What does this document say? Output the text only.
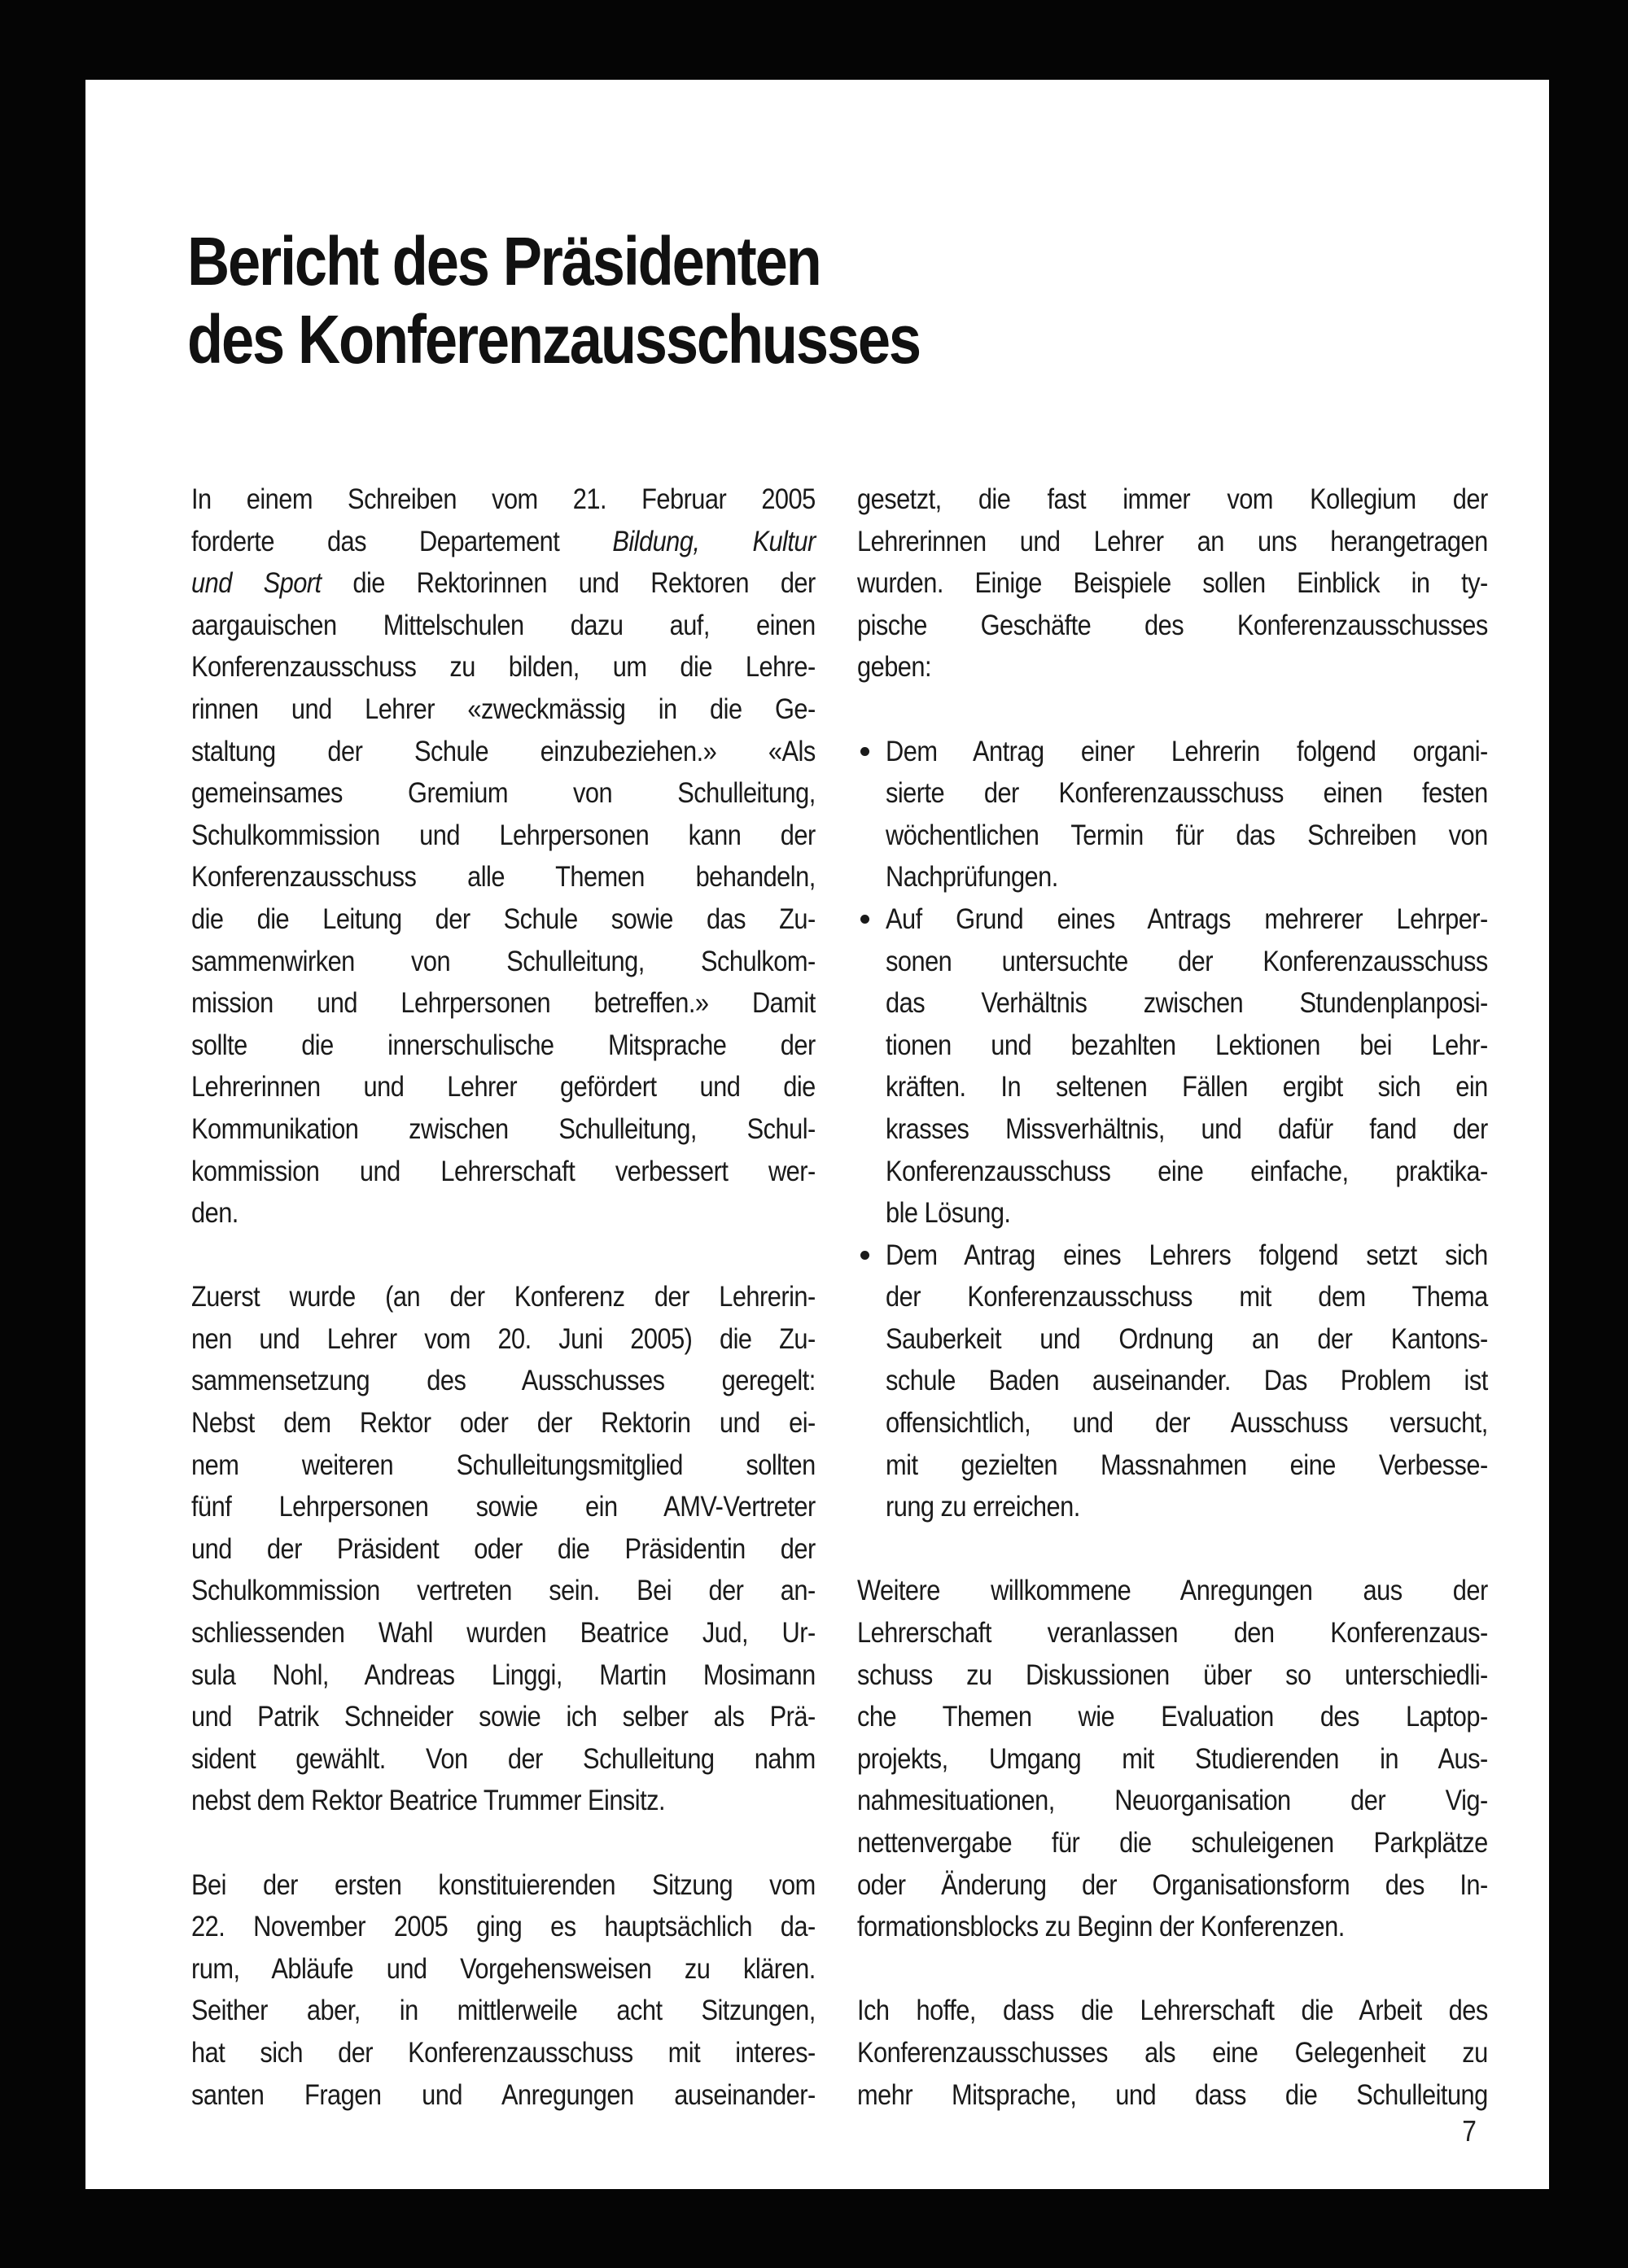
Bericht des Präsidenten
des Konferenzausschusses

In einem Schreiben vom 21. Februar 2005
forderte das Departement Bildung, Kultur
und Sport die Rektorinnen und Rektoren der
aargauischen Mittelschulen dazu auf, einen
Konferenzausschuss zu bilden, um die Lehre-
rinnen und Lehrer «zweckmässig in die Ge-
staltung der Schule einzubeziehen.» «Als
gemeinsames Gremium von Schulleitung,
Schulkommission und Lehrpersonen kann der
Konferenzausschuss alle Themen behandeln,
die die Leitung der Schule sowie das Zu-
sammenwirken von Schulleitung, Schulkom-
mission und Lehrpersonen betreffen.» Damit
sollte die innerschulische Mitsprache der
Lehrerinnen und Lehrer gefördert und die
Kommunikation zwischen Schulleitung, Schul-
kommission und Lehrerschaft verbessert wer-
den.

Zuerst wurde (an der Konferenz der Lehrerin-
nen und Lehrer vom 20. Juni 2005) die Zu-
sammensetzung des Ausschusses geregelt:
Nebst dem Rektor oder der Rektorin und ei-
nem weiteren Schulleitungsmitglied sollten
fünf Lehrpersonen sowie ein AMV-Vertreter
und der Präsident oder die Präsidentin der
Schulkommission vertreten sein. Bei der an-
schliessenden Wahl wurden Beatrice Jud, Ur-
sula Nohl, Andreas Linggi, Martin Mosimann
und Patrik Schneider sowie ich selber als Prä-
sident gewählt. Von der Schulleitung nahm
nebst dem Rektor Beatrice Trummer Einsitz.

Bei der ersten konstituierenden Sitzung vom
22. November 2005 ging es hauptsächlich da-
rum, Abläufe und Vorgehensweisen zu klären.
Seither aber, in mittlerweile acht Sitzungen,
hat sich der Konferenzausschuss mit interes-
santen Fragen und Anregungen auseinander-

gesetzt, die fast immer vom Kollegium der
Lehrerinnen und Lehrer an uns herangetragen
wurden. Einige Beispiele sollen Einblick in ty-
pische Geschäfte des Konferenzausschusses
geben:

Dem Antrag einer Lehrerin folgend organi-
sierte der Konferenzausschuss einen festen
wöchentlichen Termin für das Schreiben von
Nachprüfungen.
Auf Grund eines Antrags mehrerer Lehrper-
sonen untersuchte der Konferenzausschuss
das Verhältnis zwischen Stundenplanposi-
tionen und bezahlten Lektionen bei Lehr-
kräften. In seltenen Fällen ergibt sich ein
krasses Missverhältnis, und dafür fand der
Konferenzausschuss eine einfache, praktika-
ble Lösung.
Dem Antrag eines Lehrers folgend setzt sich
der Konferenzausschuss mit dem Thema
Sauberkeit und Ordnung an der Kantons-
schule Baden auseinander. Das Problem ist
offensichtlich, und der Ausschuss versucht,
mit gezielten Massnahmen eine Verbesse-
rung zu erreichen.

Weitere willkommene Anregungen aus der
Lehrerschaft veranlassen den Konferenzaus-
schuss zu Diskussionen über so unterschiedli-
che Themen wie Evaluation des Laptop-
projekts, Umgang mit Studierenden in Aus-
nahmesituationen, Neuorganisation der Vig-
nettenvergabe für die schuleigenen Parkplätze
oder Änderung der Organisationsform des In-
formationsblocks zu Beginn der Konferenzen.

Ich hoffe, dass die Lehrerschaft die Arbeit des
Konferenzausschusses als eine Gelegenheit zu
mehr Mitsprache, und dass die Schulleitung

7
